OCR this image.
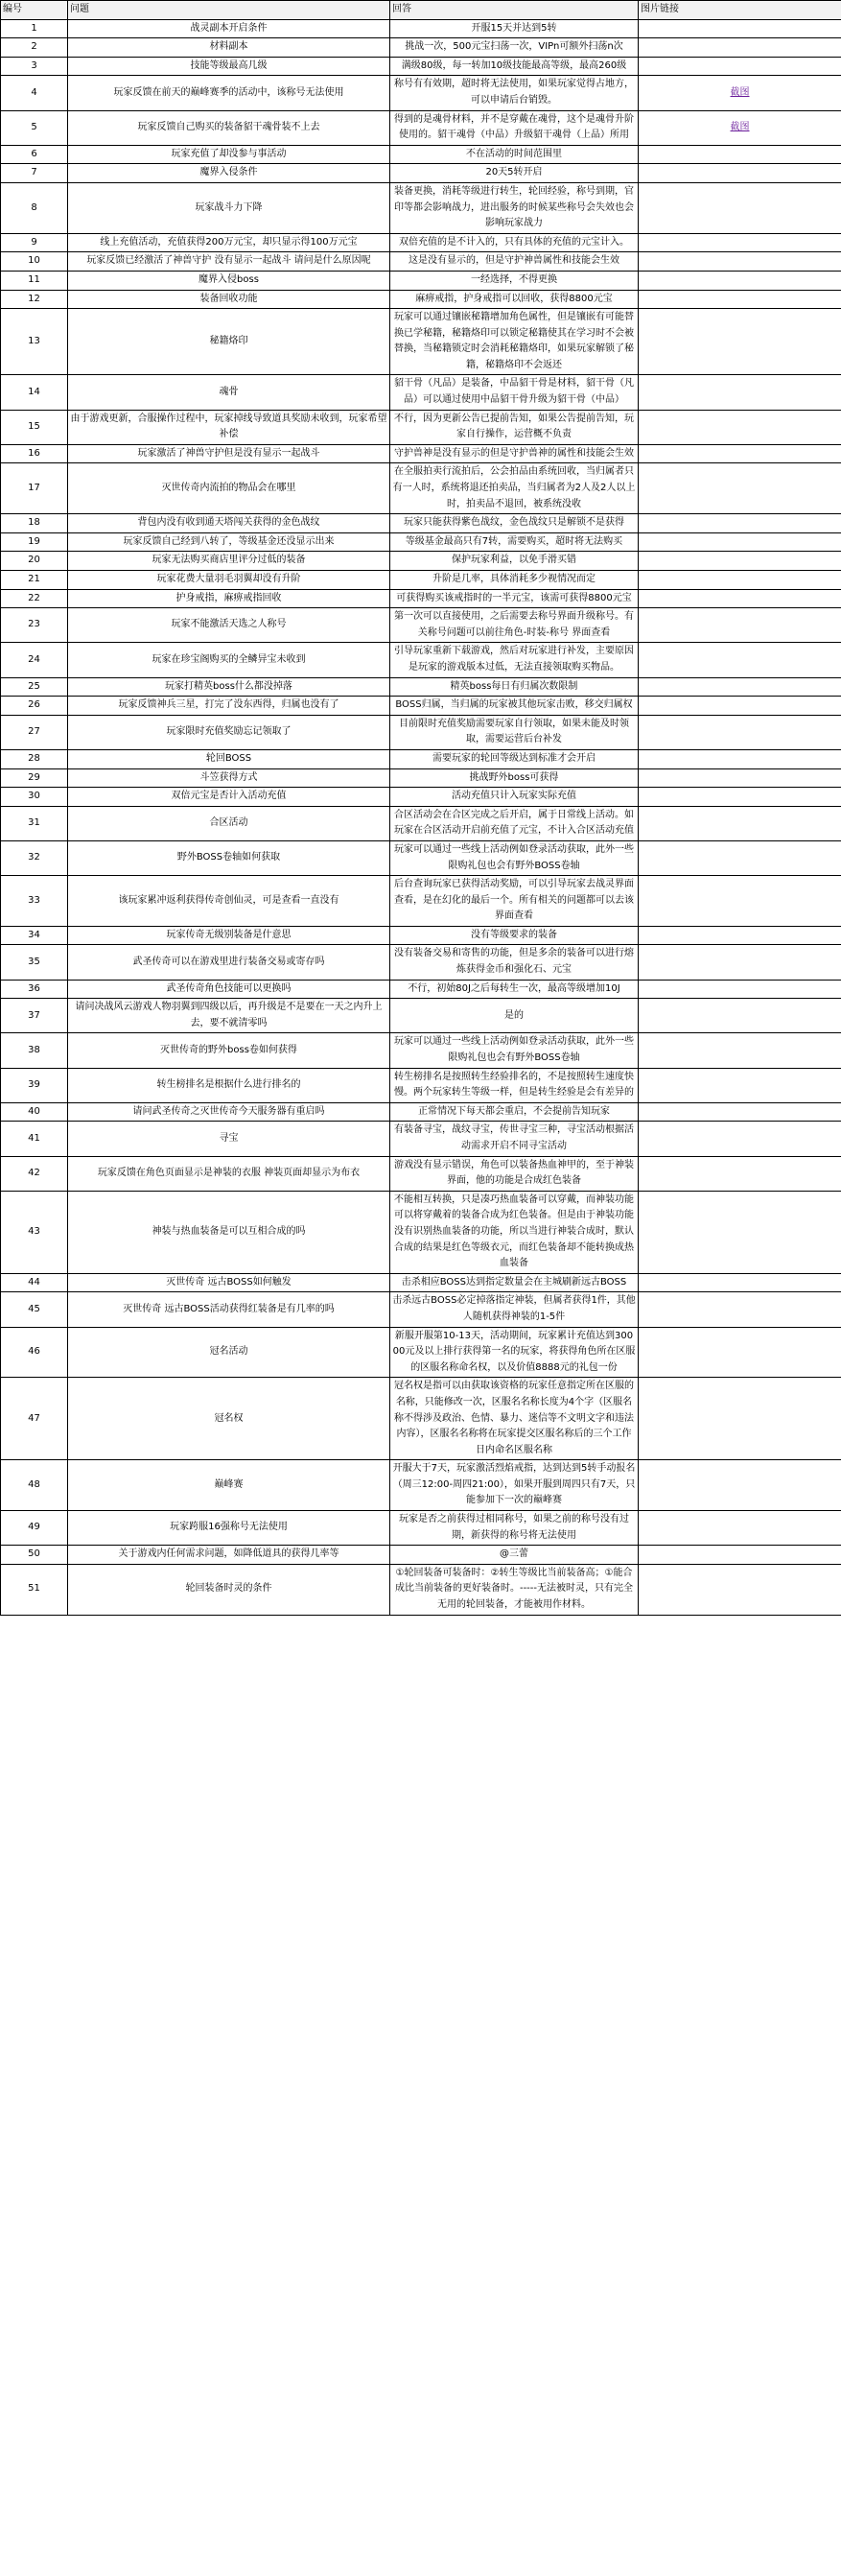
编号	问题	回答	图片链接
1	战灵副本开启条件	开服15天并达到5转	
2	材料副本	挑战一次，500元宝扫荡一次，VIPn可额外扫荡n次	
3	技能等级最高几级	满级80级，每一转加10级技能最高等级，最高260级	
4	玩家反馈在前天的巅峰赛季的活动中，该称号无法使用	称号有有效期，超时将无法使用，如果玩家觉得占地方，可以申请后台销毁。	截图
5	玩家反馈自己购买的装备貂干魂骨装不上去	得到的是魂骨材料，并不是穿戴在魂骨，这个是魂骨升阶使用的。貂干魂骨（中品）升级貂干魂骨（上品）所用	截图
6	玩家充值了却没参与事活动	不在活动的时间范围里	
7	魔界入侵条件	20天5转开启	
8	玩家战斗力下降	装备更换，消耗等级进行转生，轮回经验，称号到期，官印等都会影响战力，进出服务的时候某些称号会失效也会影响玩家战力	
9	线上充值活动，充值获得200万元宝，却只显示得100万元宝	双倍充值的是不计入的，只有具体的充值的元宝计入。	
10	玩家反馈已经激活了神兽守护 没有显示一起战斗 请问是什么原因呢	这是没有显示的，但是守护神兽属性和技能会生效	
11	魔界入侵boss	一经选择，不得更换	
12	装备回收功能	麻痹戒指，护身戒指可以回收，获得8800元宝	
13	秘籍烙印	玩家可以通过镶嵌秘籍增加角色属性，但是镶嵌有可能替换已学秘籍，秘籍烙印可以锁定秘籍使其在学习时不会被替换，当秘籍锁定时会消耗秘籍烙印，如果玩家解锁了秘籍，秘籍烙印不会返还	
14	魂骨	貂干骨（凡品）是装备，中品貂干骨是材料，貂干骨（凡品）可以通过使用中品貂干骨升级为貂干骨（中品）	
15	由于游戏更新，合服操作过程中，玩家掉线导致道具奖励未收到，玩家希望补偿	不行，因为更新公告已提前告知，如果公告提前告知，玩家自行操作，运营概不负责	
16	玩家激活了神兽守护但是没有显示一起战斗	守护兽神是没有显示的但是守护兽神的属性和技能会生效	
17	灭世传奇内流拍的物品会在哪里	在全服拍卖行流拍后，公会拍品由系统回收，当归属者只有一人时，系统将退还拍卖品，当归属者为2人及2人以上时，拍卖品不退回，被系统没收	
18	背包内没有收到通天塔闯关获得的金色战纹	玩家只能获得紫色战纹，金色战纹只是解锁不是获得	
19	玩家反馈自己经到八转了，等级基金还没显示出来	等级基金最高只有7转，需要购买，超时将无法购买	
20	玩家无法购买商店里评分过低的装备	保护玩家利益，以免手滑买错	
21	玩家花费大量羽毛羽翼却没有升阶	升阶是几率，具体消耗多少视情况而定	
22	护身戒指，麻痹戒指回收	可获得购买该戒指时的一半元宝，该需可获得8800元宝	
23	玩家不能激活天选之人称号	第一次可以直接使用，之后需要去称号界面升级称号。有关称号问题可以前往角色-时装-称号 界面查看	
24	玩家在珍宝阁购买的全鳞异宝未收到	引导玩家重新下载游戏，然后对玩家进行补发，主要原因是玩家的游戏版本过低，无法直接领取购买物品。	
25	玩家打精英boss什么都没掉落	精英boss每日有归属次数限制	
26	玩家反馈神兵三星，打完了没东西得，归属也没有了	BOSS归属，当归属的玩家被其他玩家击败，移交归属权	
27	玩家限时充值奖励忘记领取了	目前限时充值奖励需要玩家自行领取，如果未能及时领取，需要运营后台补发	
28	轮回BOSS	需要玩家的轮回等级达到标准才会开启	
29	斗笠获得方式	挑战野外boss可获得	
30	双倍元宝是否计入活动充值	活动充值只计入玩家实际充值	
31	合区活动	合区活动会在合区完成之后开启，属于日常线上活动。如玩家在合区活动开启前充值了元宝，不计入合区活动充值	
32	野外BOSS卷轴如何获取	玩家可以通过一些线上活动例如登录活动获取，此外一些限购礼包也会有野外BOSS卷轴	
33	该玩家累冲返利获得传奇创仙灵，可是查看一直没有	后台查询玩家已获得活动奖励，可以引导玩家去战灵界面查看，是在幻化的最后一个。所有相关的问题都可以去该界面查看	
34	玩家传奇无级别装备是什意思	没有等级要求的装备	
35	武圣传奇可以在游戏里进行装备交易或寄存吗	没有装备交易和寄售的功能，但是多余的装备可以进行熔炼获得金币和强化石、元宝	
36	武圣传奇角色技能可以更换吗	不行，初始80J之后每转生一次，最高等级增加10J	
37	请问决战风云游戏人物羽翼到四级以后，再升级是不是要在一天之内升上去，要不就清零吗	是的	
38	灭世传奇的野外boss卷如何获得	玩家可以通过一些线上活动例如登录活动获取，此外一些限购礼包也会有野外BOSS卷轴	
39	转生榜排名是根据什么进行排名的	转生榜排名是按照转生经验排名的，不是按照转生速度快慢。两个玩家转生等级一样，但是转生经验是会有差异的	
40	请问武圣传奇之灭世传奇今天服务器有重启吗	正常情况下每天都会重启，不会提前告知玩家	
41	寻宝	有装备寻宝，战纹寻宝，传世寻宝三种，寻宝活动根据活动需求开启不同寻宝活动	
42	玩家反馈在角色页面显示是神装的衣服 神装页面却显示为布衣	游戏没有显示错误，角色可以装备热血神甲的，至于神装界面，他的功能是合成红色装备	
43	神装与热血装备是可以互相合成的吗	不能相互转换，只是凑巧热血装备可以穿戴，而神装功能可以将穿戴着的装备合成为红色装备。但是由于神装功能没有识别热血装备的功能，所以当进行神装合成时，默认合成的结果是红色等级衣元，而红色装备却不能转换成热血装备	
44	灭世传奇 远古BOSS如何触发	击杀相应BOSS达到指定数量会在主城刷新远古BOSS	
45	灭世传奇 远古BOSS活动获得红装备是有几率的吗	击杀远古BOSS必定掉落指定神装，但属者获得1件，其他人随机获得神装的1-5件	
46	冠名活动	新服开服第10-13天，活动期间，玩家累计充值达到30000元及以上排行获得第一名的玩家，将获得角色所在区服的区服名称命名权，以及价值8888元的礼包一份	
47	冠名权	冠名权是指可以由获取该资格的玩家任意指定所在区服的名称，只能修改一次，区服名名称长度为4个字（区服名称不得涉及政治、色情、暴力、迷信等不文明文字和违法内容），区服名名称将在玩家提交区服名称后的三个工作日内命名区服名称	
48	巅峰赛	开服大于7天，玩家激活烈焰戒指，达到达到5转手动报名（周三12:00-周四21:00），如果开服到周四只有7天，只能参加下一次的巅峰赛	
49	玩家跨服16强称号无法使用	玩家是否之前获得过相同称号，如果之前的称号没有过期，新获得的称号将无法使用	
50	关于游戏内任何需求问题，如降低道具的获得几率等	@三蕾	
51	轮回装备时灵的条件	①轮回装备可装备时：②转生等级比当前装备高；①能合成比当前装备的更好装备时。-----无法被时灵，只有完全无用的轮回装备，才能被用作材料。	
